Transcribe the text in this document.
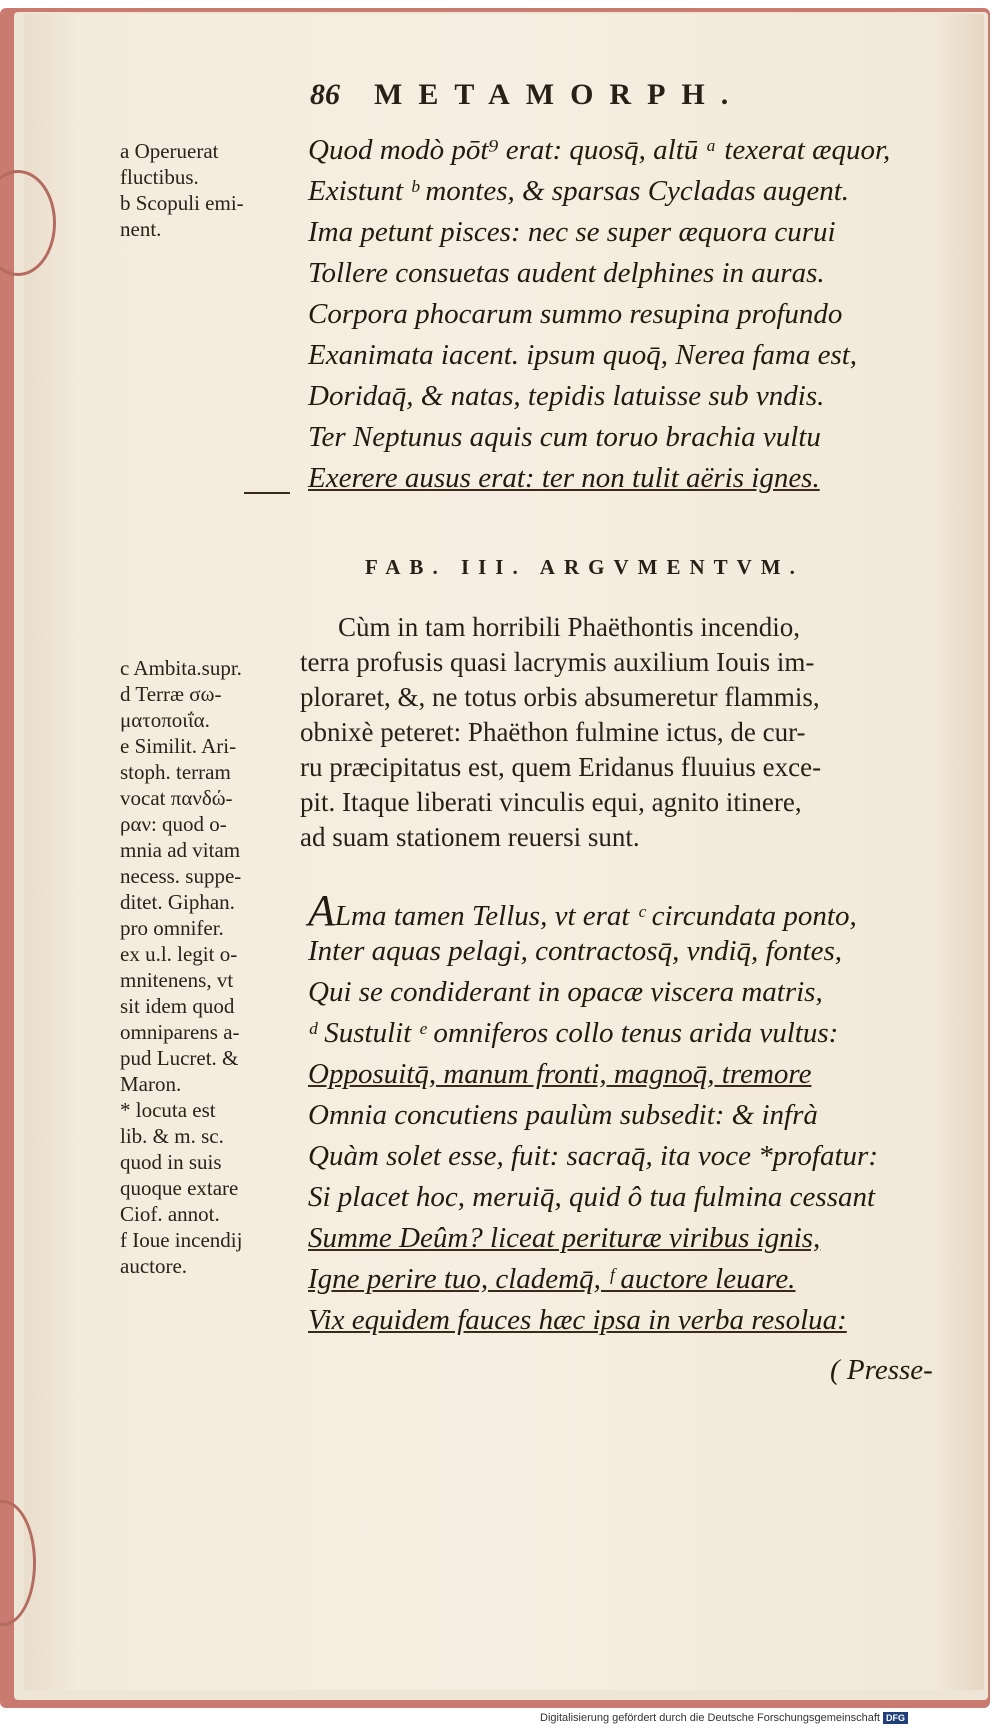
86 METAMORPH.

a Operuerat

fluctibus.

b Scopuli emi-

nent.

Quod modò pōt⁹ erat: quosq̄, altū ᵃ texerat æquor,
Existunt ᵇ montes, & sparsas Cycladas augent.
Ima petunt pisces: nec se super æquora curui
Tollere consuetas audent delphines in auras.
Corpora phocarum summo resupina profundo
Exanimata iacent. ipsum quoq̄, Nerea fama est,
Doridaq̄, & natas, tepidis latuisse sub vndis.
Ter Neptunus aquis cum toruo brachia vultu
Exerere ausus erat: ter non tulit aëris ignes.
FAB. III. ARGVMENTVM.
Cùm in tam horribili Phaëthontis incendio,
terra profusis quasi lacrymis auxilium Iouis im-
ploraret, &, ne totus orbis absumeretur flammis,
obnixè peteret: Phaëthon fulmine ictus, de cur-
ru præcipitatus est, quem Eridanus fluuius exce-
pit. Itaque liberati vinculis equi, agnito itinere,
ad suam stationem reuersi sunt.

c Ambita.supr.

d Terræ σω-

ματοποιΐα.

e Similit. Ari-

stoph. terram

vocat πανδώ-

ραν: quod o-

mnia ad vitam

necess. suppe-

ditet. Giphan.

pro omnifer.

ex u.l. legit o-

mnitenens, vt

sit idem quod

omniparens a-

pud Lucret. &

Maron.

* locuta est

lib. & m. sc.

quod in suis

quoque extare

Ciof. annot.

f Ioue incendij

auctore.

ALma tamen Tellus, vt erat ᶜ circundata ponto,
Inter aquas pelagi, contractosq̄, vndiq̄, fontes,
Qui se condiderant in opacæ viscera matris,
ᵈ Sustulit ᵉ omniferos collo tenus arida vultus:
Opposuitq̄, manum fronti, magnoq̄, tremore
Omnia concutiens paulùm subsedit: & infrà
Quàm solet esse, fuit: sacraq̄, ita voce *profatur:
Si placet hoc, meruiq̄, quid ô tua fulmina cessant
Summe Deûm? liceat perituræ viribus ignis,
Igne perire tuo, clademq̄, ᶠ auctore leuare.
Vix equidem fauces hæc ipsa in verba resolua:
( Presse-
Digitalisierung gefördert durch die Deutsche Forschungsgemeinschaft DFG
